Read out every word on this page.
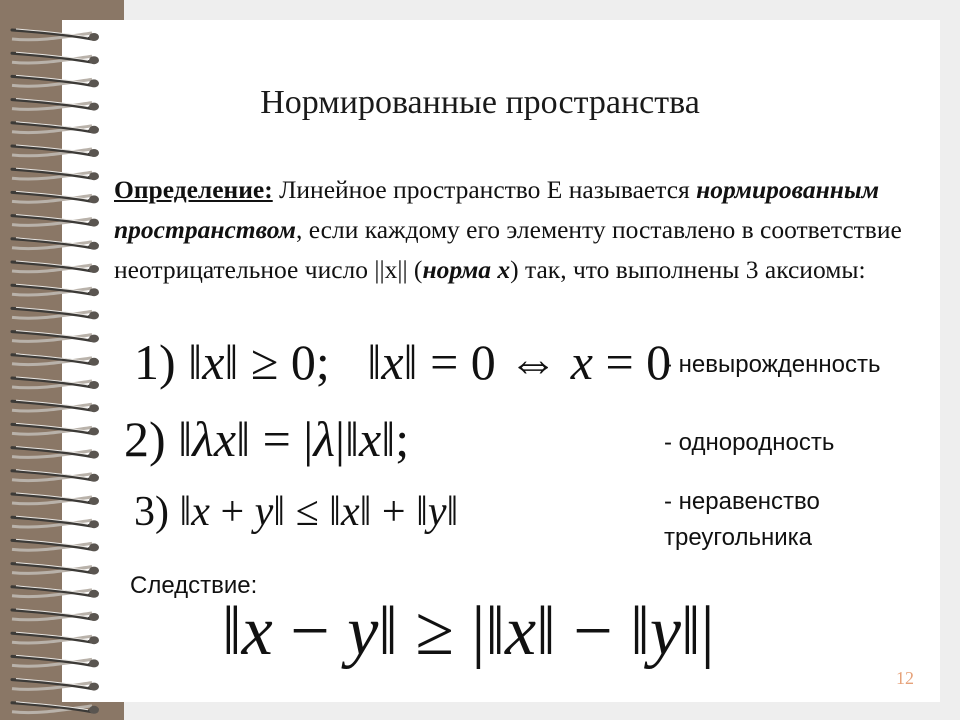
Нормированные пространства
Определение: Линейное пространство Е называется нормированным пространством, если каждому его элементу поставлено в соответствие неотрицательное число ||x|| (норма x) так, что выполнены 3 аксиомы:
1) ‖x‖ ≥ 0;   ‖x‖ = 0 ⇔ x = 0
- невырожденность
2) ‖λx‖ = |λ|‖x‖;	- однородность
3) ‖x + y‖ ≤ ‖x‖ + ‖y‖	- неравенство треугольника
Следствие:
‖x − y‖ ≥ |‖x‖ − ‖y‖|
12
